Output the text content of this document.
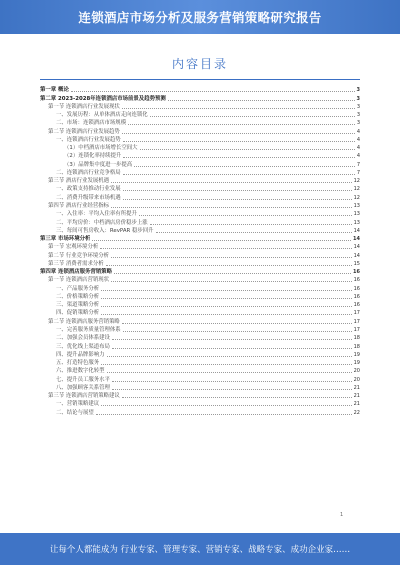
连锁酒店市场分析及服务营销策略研究报告
内容目录
第一章 概论	3
第二章 2023-2028年连锁酒店市场前景及趋势预测	3
第一节 连锁酒店行业发展现状	3
一、发展历程：从单体酒店走向连锁化	3
二、市场：连锁酒店市场规模	3
第二节 连锁酒店行业发展趋势	4
一、连锁酒店行业发展趋势	4
（1）中档酒店市场增长空间大	4
（2）连锁化率持续提升	4
（3）品牌集中度进一步提高	7
二、连锁酒店行业竞争格局	7
第三节 酒店行业发展机遇	12
一、政策支持推动行业发展	12
二、消费升级带来市场机遇	12
第四节 酒店行业经营指标	13
一、入住率：平均入住率有所提升	13
二、平均房价：中档酒店房价稳步上涨	13
三、每间可售房收入：RevPAR 稳步回升	14
第三章 市场环境分析	14
第一节 宏观环境分析	14
第二节 行业竞争环境分析	14
第三节 消费者需求分析	15
第四章 连锁酒店服务营销策略	16
第一节 连锁酒店营销现状	16
一、产品服务分析	16
二、价格策略分析	16
三、渠道策略分析	16
四、促销策略分析	17
第二节 连锁酒店服务营销策略	17
一、完善服务质量管理体系	17
二、加强会员体系建设	18
三、优化线上渠道布局	18
四、提升品牌影响力	19
五、打造特色服务	19
六、推进数字化转型	20
七、提升员工服务水平	20
八、加强顾客关系管理	21
第三节 连锁酒店营销策略建议	21
一、营销策略建议	21
二、结论与展望	22
1
让每个人都能成为 行业专家、管理专家、营销专家、战略专家、成功企业家……
